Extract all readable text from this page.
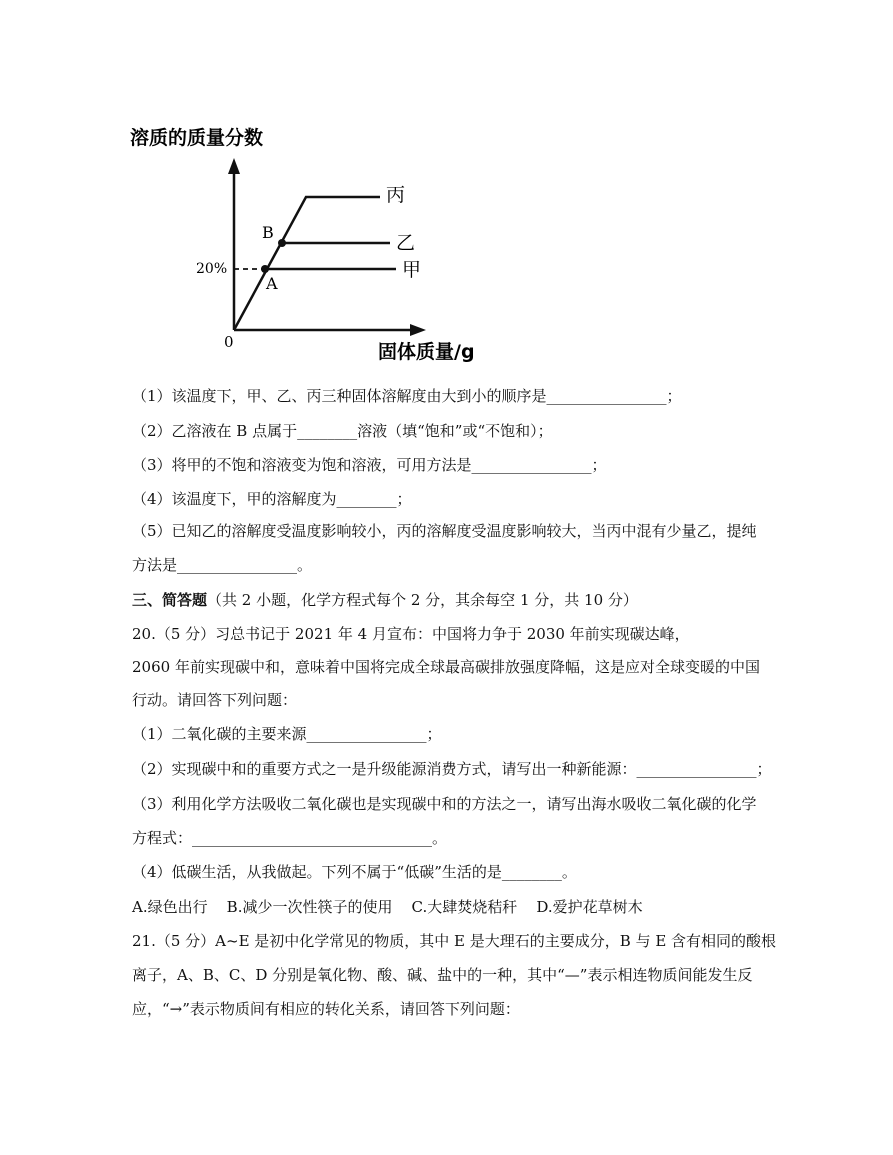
溶质的质量分数
固体质量/g
0
20%
丙
乙
甲
B
A
（1）该温度下，甲、乙、丙三种固体溶解度由大到小的顺序是________________；
（2）乙溶液在 B 点属于________溶液（填“饱和”或“不饱和）；
（3）将甲的不饱和溶液变为饱和溶液，可用方法是________________；
（4）该温度下，甲的溶解度为________；
（5）已知乙的溶解度受温度影响较小，丙的溶解度受温度影响较大，当丙中混有少量乙，提纯
方法是________________。
三、简答题（共 2 小题，化学方程式每个 2 分，其余每空 1 分，共 10 分）
20.（5 分）习总书记于 2021 年 4 月宣布：中国将力争于 2030 年前实现碳达峰，
2060 年前实现碳中和，意味着中国将完成全球最高碳排放强度降幅，这是应对全球变暖的中国
行动。请回答下列问题：
（1）二氧化碳的主要来源________________；
（2）实现碳中和的重要方式之一是升级能源消费方式，请写出一种新能源：________________；
（3）利用化学方法吸收二氧化碳也是实现碳中和的方法之一，请写出海水吸收二氧化碳的化学
方程式：________________________________。
（4）低碳生活，从我做起。下列不属于“低碳”生活的是________。
A.绿色出行    B.减少一次性筷子的使用    C.大肆焚烧秸秆    D.爱护花草树木
21.（5 分）A~E 是初中化学常见的物质，其中 E 是大理石的主要成分，B 与 E 含有相同的酸根
离子，A、B、C、D 分别是氧化物、酸、碱、盐中的一种，其中“—”表示相连物质间能发生反
应，“→”表示物质间有相应的转化关系，请回答下列问题：
